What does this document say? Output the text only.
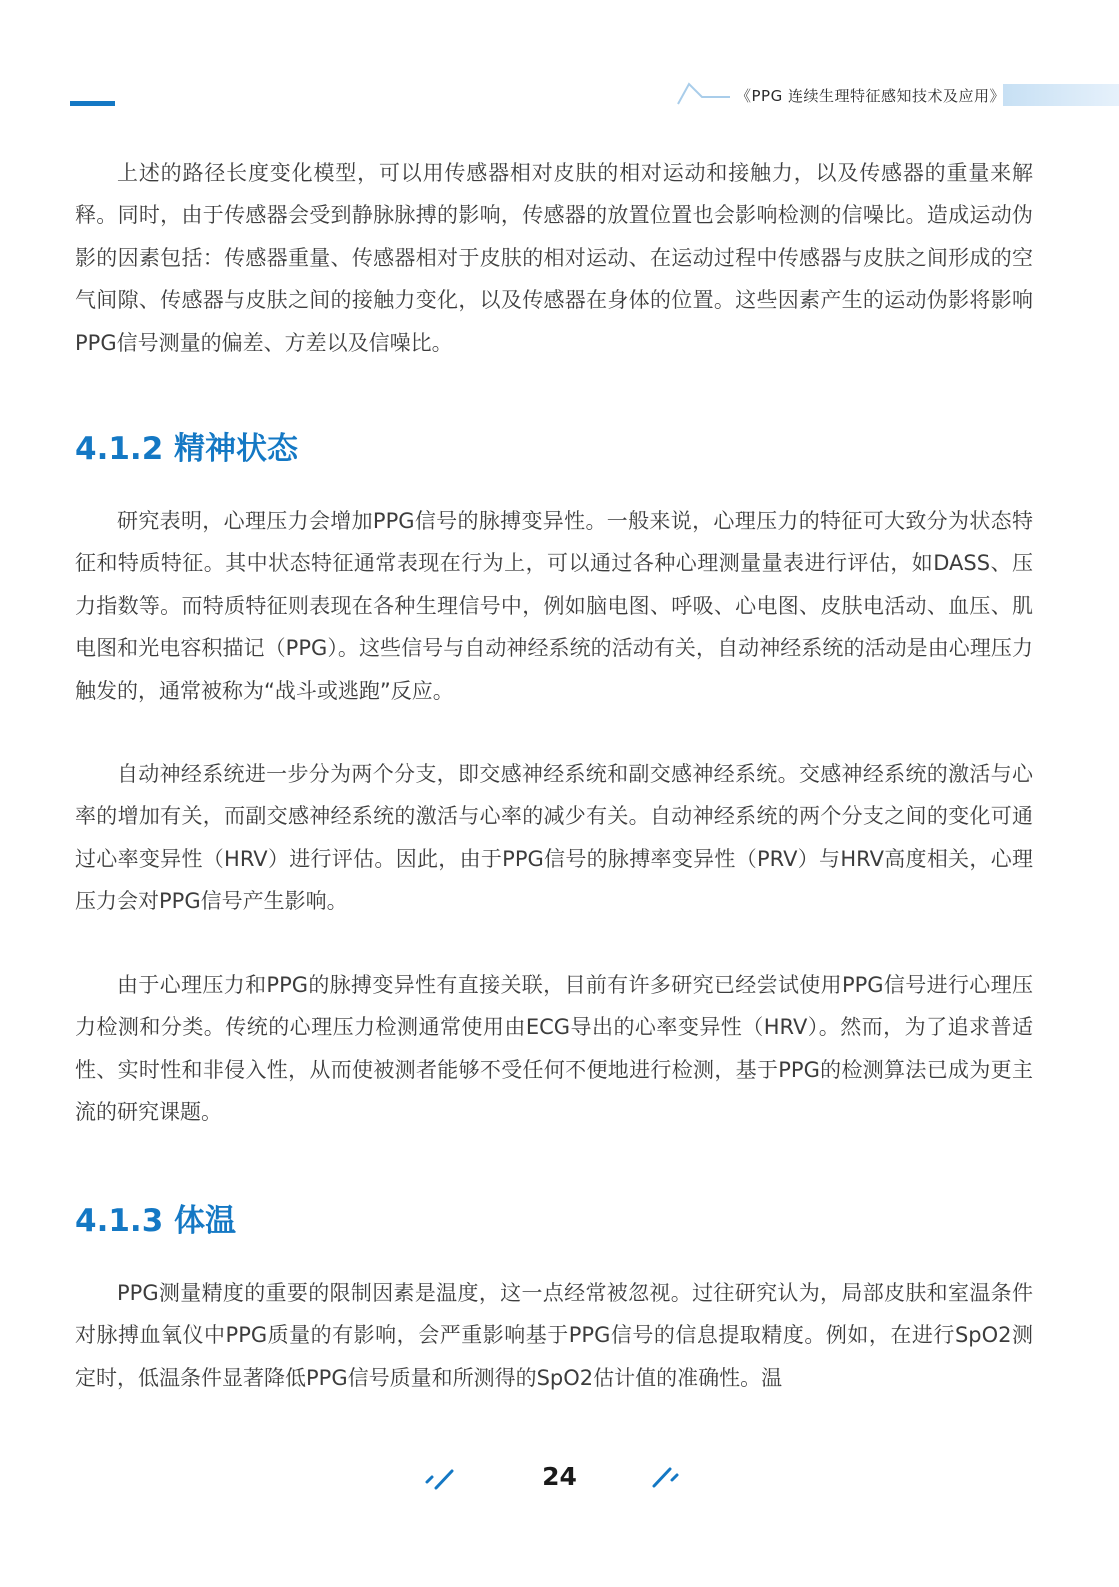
《PPG 连续生理特征感知技术及应用》

上述的路径长度变化模型，可以用传感器相对皮肤的相对运动和接触力，以及传感器的重量来解释。同时，由于传感器会受到静脉脉搏的影响，传感器的放置位置也会影响检测的信噪比。造成运动伪影的因素包括：传感器重量、传感器相对于皮肤的相对运动、在运动过程中传感器与皮肤之间形成的空气间隙、传感器与皮肤之间的接触力变化，以及传感器在身体的位置。这些因素产生的运动伪影将影响PPG信号测量的偏差、方差以及信噪比。

4.1.2 精神状态

研究表明，心理压力会增加PPG信号的脉搏变异性。一般来说，心理压力的特征可大致分为状态特征和特质特征。其中状态特征通常表现在行为上，可以通过各种心理测量量表进行评估，如DASS、压力指数等。而特质特征则表现在各种生理信号中，例如脑电图、呼吸、心电图、皮肤电活动、血压、肌电图和光电容积描记（PPG）。这些信号与自动神经系统的活动有关，自动神经系统的活动是由心理压力触发的，通常被称为“战斗或逃跑”反应。

自动神经系统进一步分为两个分支，即交感神经系统和副交感神经系统。交感神经系统的激活与心率的增加有关，而副交感神经系统的激活与心率的减少有关。自动神经系统的两个分支之间的变化可通过心率变异性（HRV）进行评估。因此，由于PPG信号的脉搏率变异性（PRV）与HRV高度相关，心理压力会对PPG信号产生影响。

由于心理压力和PPG的脉搏变异性有直接关联，目前有许多研究已经尝试使用PPG信号进行心理压力检测和分类。传统的心理压力检测通常使用由ECG导出的心率变异性（HRV）。然而，为了追求普适性、实时性和非侵入性，从而使被测者能够不受任何不便地进行检测，基于PPG的检测算法已成为更主流的研究课题。

4.1.3 体温

PPG测量精度的重要的限制因素是温度，这一点经常被忽视。过往研究认为，局部皮肤和室温条件对脉搏血氧仪中PPG质量的有影响，会严重影响基于PPG信号的信息提取精度。例如，在进行SpO2测定时，低温条件显著降低PPG信号质量和所测得的SpO2估计值的准确性。温

24
